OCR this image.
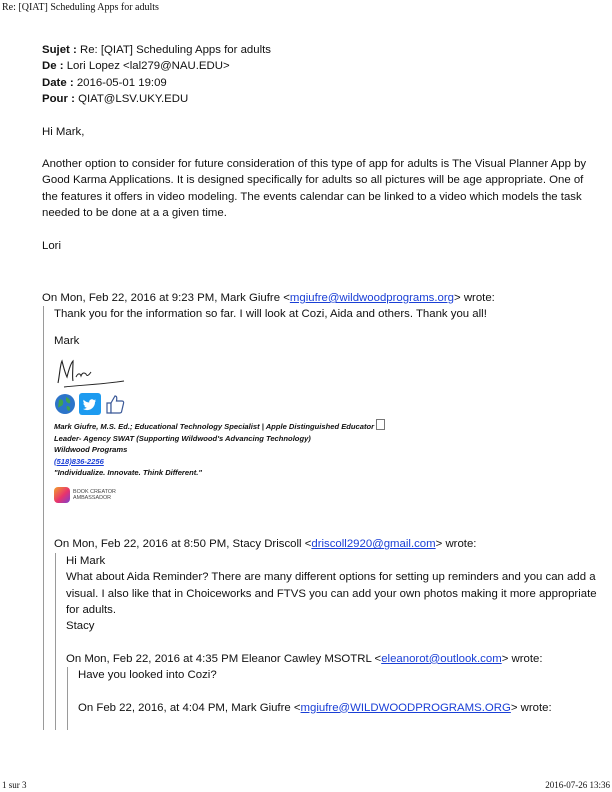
Re: [QIAT] Scheduling Apps for adults
Sujet : Re: [QIAT] Scheduling Apps for adults
De : Lori Lopez <lal279@NAU.EDU>
Date : 2016-05-01 19:09
Pour : QIAT@LSV.UKY.EDU

Hi Mark,

Another option to consider for future consideration of this type of app for adults is The Visual Planner App by Good Karma Applications. It is designed specifically for adults so all pictures will be age appropriate. One of the features it offers in video modeling. The events calendar can be linked to a video which models the task needed to be done at a a given time.

Lori

On Mon, Feb 22, 2016 at 9:23 PM, Mark Giufre <mgiufre@wildwoodprograms.org> wrote:

Thank you for the information so far. I will look at Cozi, Aida and others. Thank you all!

Mark

Mark Giufre, M.S. Ed.; Educational Technology Specialist | Apple Distinguished Educator
Leader- Agency SWAT (Supporting Wildwood's Advancing Technology)
Wildwood Programs
(518)836-2256
"Individualize. Innovate. Think Different."
BOOK CREATOR
AMBASSADOR
On Mon, Feb 22, 2016 at 8:50 PM, Stacy Driscoll <driscoll2920@gmail.com> wrote:

Hi Mark

What about Aida Reminder? There are many different options for setting up reminders and you can add a visual. I also like that in Choiceworks and FTVS you can add your own photos making it more appropriate for adults.

Stacy

On Mon, Feb 22, 2016 at 4:35 PM Eleanor Cawley MSOTRL <eleanorot@outlook.com> wrote:

Have you looked into Cozi?

On Feb 22, 2016, at 4:04 PM, Mark Giufre <mgiufre@WILDWOODPROGRAMS.ORG> wrote:
1 sur 3	2016-07-26 13:36
